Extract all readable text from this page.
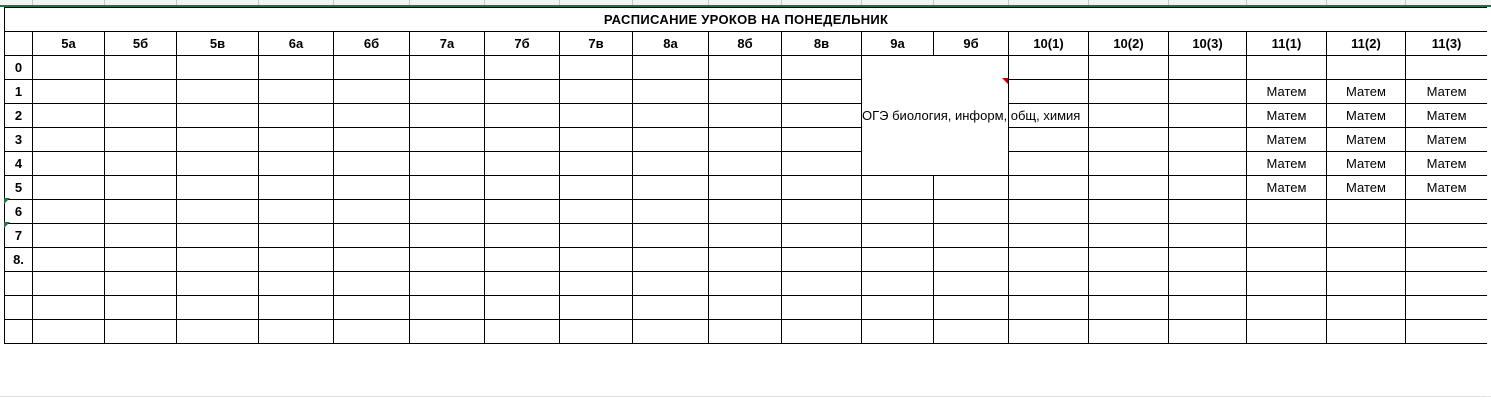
РАСПИСАНИЕ УРОКОВ НА ПОНЕДЕЛЬНИК																			
	5а	5б	5в	6а	6б	7а	7б	7в	8а	8б	8в	9а	9б	10(1)	10(2)	10(3)	11(1)	11(2)	11(3)
0												ОГЭ биология, информ, общ, химия							
1																	Матем	Матем	Матем
2																	Матем	Матем	Матем
3																	Матем	Матем	Матем
4																	Матем	Матем	Матем
5																	Матем	Матем	Матем
6																			
7																			
8.																			
